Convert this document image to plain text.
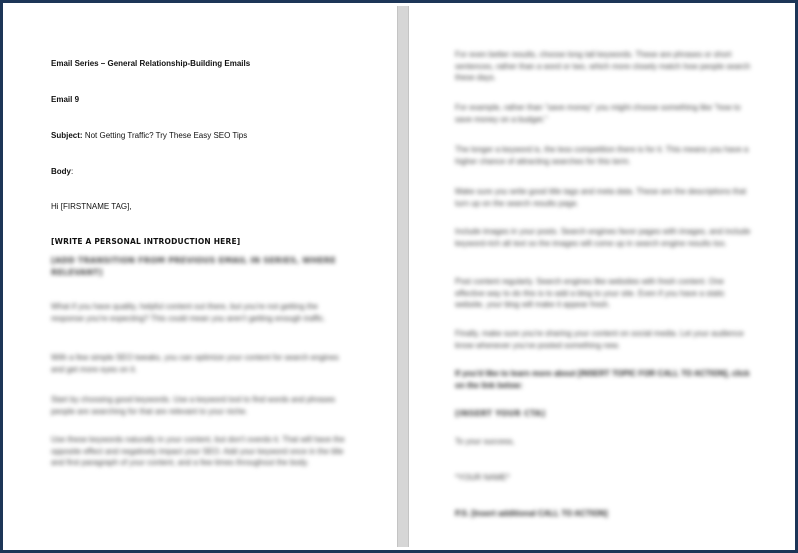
Email Series – General Relationship-Building Emails
Email 9
Subject: Not Getting Traffic? Try These Easy SEO Tips
Body:
Hi [FIRSTNAME TAG],
[WRITE A PERSONAL INTRODUCTION HERE]
[ADD TRANSITION FROM PREVIOUS EMAIL IN SERIES, WHERE RELEVANT]
What if you have quality, helpful content out there, but you're not getting the response you're expecting? This could mean you aren't getting enough traffic.
With a few simple SEO tweaks, you can optimize your content for search engines and get more eyes on it.
Start by choosing good keywords. Use a keyword tool to find words and phrases people are searching for that are relevant to your niche.
Use these keywords naturally in your content, but don't overdo it. That will have the opposite effect and negatively impact your SEO. Add your keyword once in the title and first paragraph of your content, and a few times throughout the body.
For even better results, choose long tail keywords. These are phrases or short sentences, rather than a word or two, which more closely match how people search these days.
For example, rather than "save money" you might choose something like "how to save money on a budget."
The longer a keyword is, the less competition there is for it. This means you have a higher chance of attracting searches for this term.
Make sure you write good title tags and meta data. These are the descriptions that turn up on the search results page.
Include images in your posts. Search engines favor pages with images, and include keyword-rich alt text so the images will come up in search engine results too.
Post content regularly. Search engines like websites with fresh content. One effective way to do this is to add a blog to your site. Even if you have a static website, your blog will make it appear fresh.
Finally, make sure you're sharing your content on social media. Let your audience know whenever you've posted something new.
If you'd like to learn more about [INSERT TOPIC FOR CALL TO ACTION], click on the link below:
[INSERT YOUR CTA]
To your success,
*YOUR NAME*
P.S. [Insert additional CALL TO ACTION]
